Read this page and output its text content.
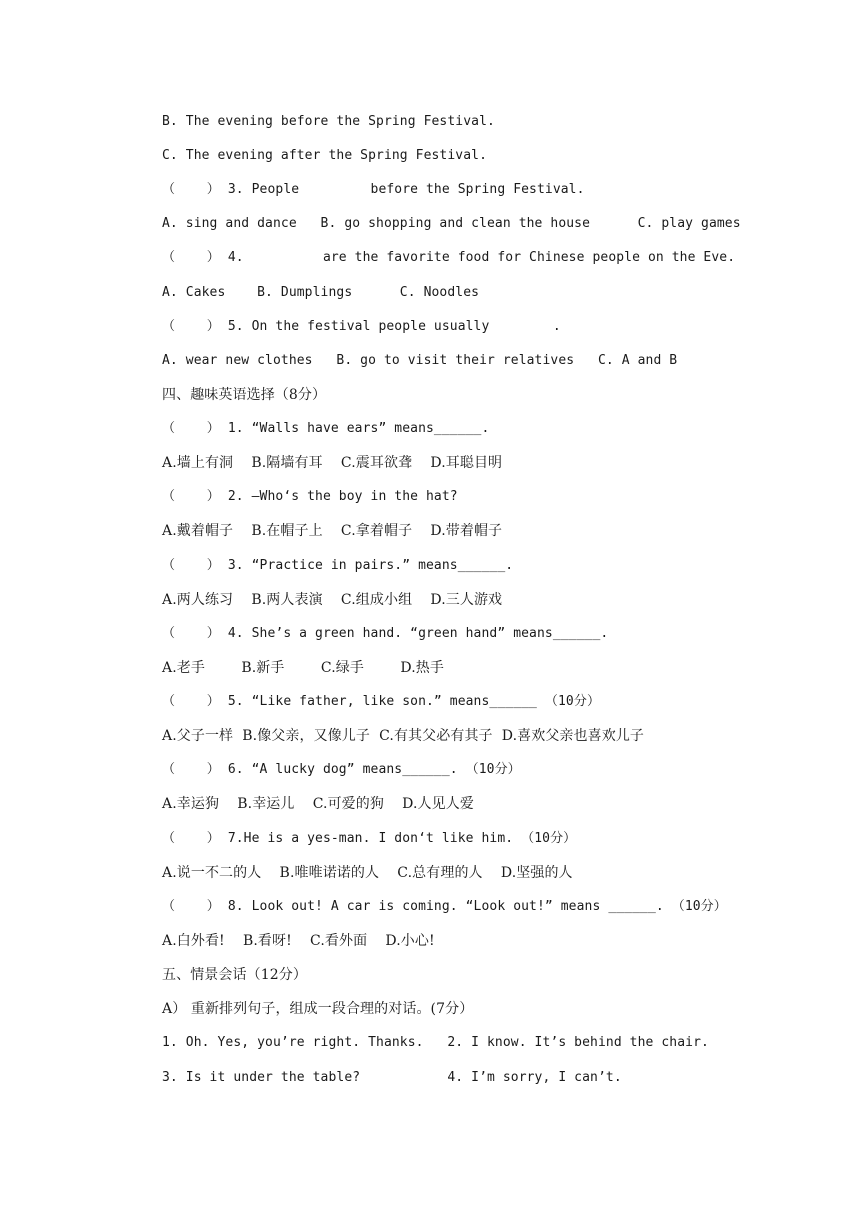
B. The evening before the Spring Festival.
C. The evening after the Spring Festival.
（    ） 3. People         before the Spring Festival.
A. sing and dance   B. go shopping and clean the house      C. play games
（    ） 4.          are the favorite food for Chinese people on the Eve.
A. Cakes    B. Dumplings      C. Noodles
（    ） 5. On the festival people usually        .
A. wear new clothes   B. go to visit their relatives   C. A and B
四、趣味英语选择（8分）
（    ） 1. “Walls have ears” means______.
A.墙上有洞    B.隔墙有耳    C.震耳欲聋    D.耳聪目明
（    ） 2. —Who‘s the boy in the hat?
A.戴着帽子    B.在帽子上    C.拿着帽子    D.带着帽子
（    ） 3. “Practice in pairs.” means______.
A.两人练习    B.两人表演    C.组成小组    D.三人游戏
（    ） 4. She’s a green hand. “green hand” means______.
A.老手        B.新手        C.绿手        D.热手
（    ） 5. “Like father, like son.” means______ （10分）
A.父子一样  B.像父亲，又像儿子  C.有其父必有其子  D.喜欢父亲也喜欢儿子
（    ） 6. “A lucky dog” means______. （10分）
A.幸运狗    B.幸运儿    C.可爱的狗    D.人见人爱
（    ） 7.He is a yes-man. I don‘t like him. （10分）
A.说一不二的人    B.唯唯诺诺的人    C.总有理的人    D.坚强的人
（    ） 8. Look out! A car is coming. “Look out!” means ______. （10分）
A.白外看!    B.看呀!    C.看外面    D.小心!
五、情景会话（12分）
A） 重新排列句子，组成一段合理的对话。(7分）
1. Oh. Yes, you’re right. Thanks.   2. I know. It’s behind the chair.
3. Is it under the table?           4. I’m sorry, I can’t.
